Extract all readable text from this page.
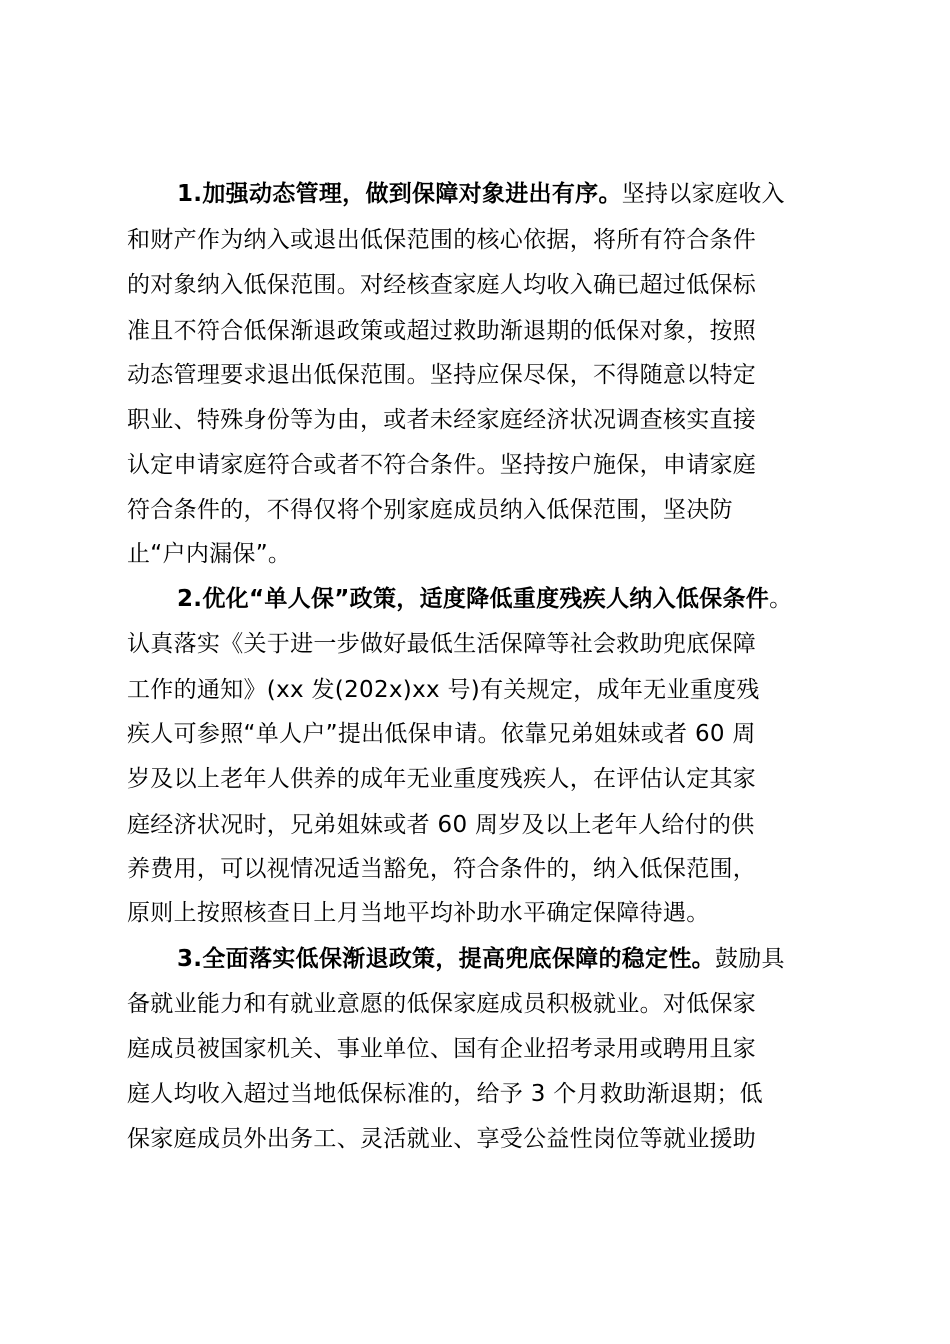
1.加强动态管理，做到保障对象进出有序。坚持以家庭收入
和财产作为纳入或退出低保范围的核心依据，将所有符合条件
的对象纳入低保范围。对经核查家庭人均收入确已超过低保标
准且不符合低保渐退政策或超过救助渐退期的低保对象，按照
动态管理要求退出低保范围。坚持应保尽保，不得随意以特定
职业、特殊身份等为由，或者未经家庭经济状况调查核实直接
认定申请家庭符合或者不符合条件。坚持按户施保，申请家庭
符合条件的，不得仅将个别家庭成员纳入低保范围，坚决防
止“户内漏保”。
2.优化“单人保”政策，适度降低重度残疾人纳入低保条件。
认真落实《关于进一步做好最低生活保障等社会救助兜底保障
工作的通知》(xx 发(202x)xx 号)有关规定，成年无业重度残
疾人可参照“单人户”提出低保申请。依靠兄弟姐妹或者 60 周
岁及以上老年人供养的成年无业重度残疾人，在评估认定其家
庭经济状况时，兄弟姐妹或者 60 周岁及以上老年人给付的供
养费用，可以视情况适当豁免，符合条件的，纳入低保范围，
原则上按照核查日上月当地平均补助水平确定保障待遇。
3.全面落实低保渐退政策，提高兜底保障的稳定性。鼓励具
备就业能力和有就业意愿的低保家庭成员积极就业。对低保家
庭成员被国家机关、事业单位、国有企业招考录用或聘用且家
庭人均收入超过当地低保标准的，给予 3 个月救助渐退期；低
保家庭成员外出务工、灵活就业、享受公益性岗位等就业援助
